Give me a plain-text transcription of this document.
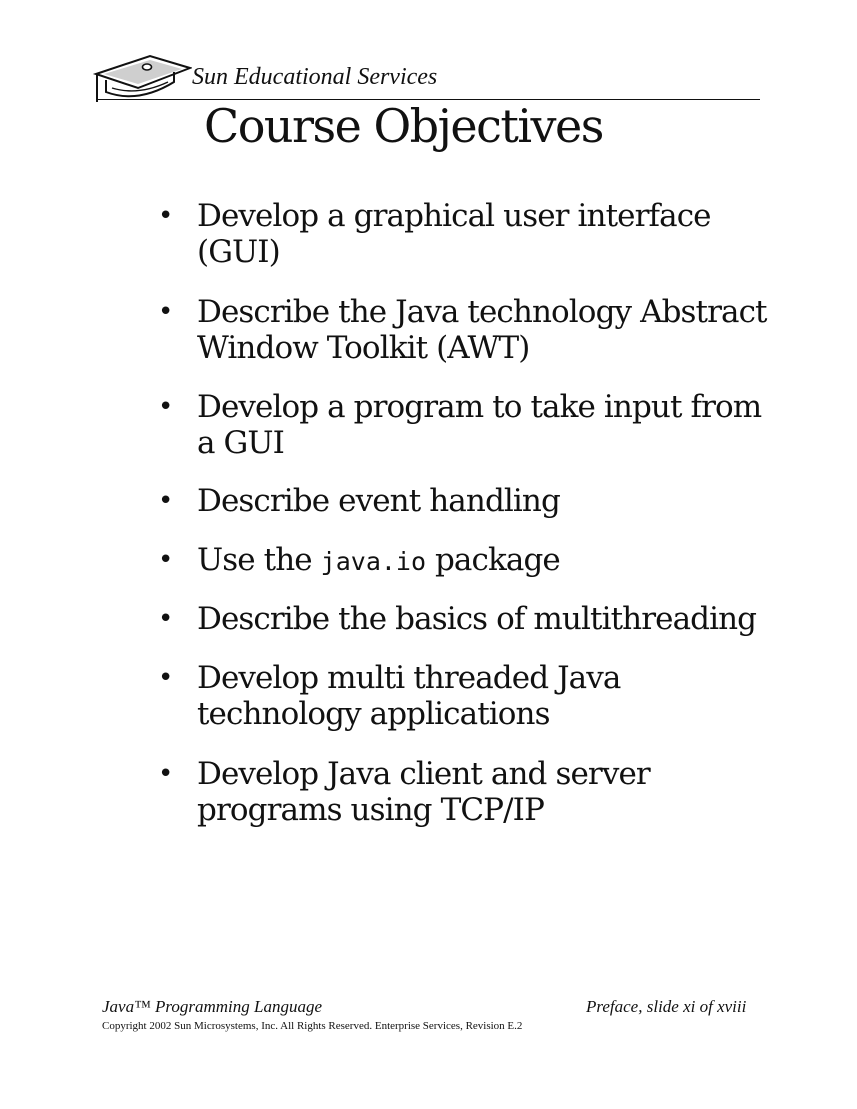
Sun Educational Services
Course Objectives
• Develop a graphical user interface
(GUI)
• Describe the Java technology Abstract
Window Toolkit (AWT)
• Develop a program to take input from
a GUI
• Describe event handling
• Use the java.io package
• Describe the basics of multithreading
• Develop multi threaded Java
technology applications
• Develop Java client and server
programs using TCP/IP
Java™ Programming Language	Preface, slide xi of xviii
Copyright 2002 Sun Microsystems, Inc. All Rights Reserved. Enterprise Services, Revision E.2
